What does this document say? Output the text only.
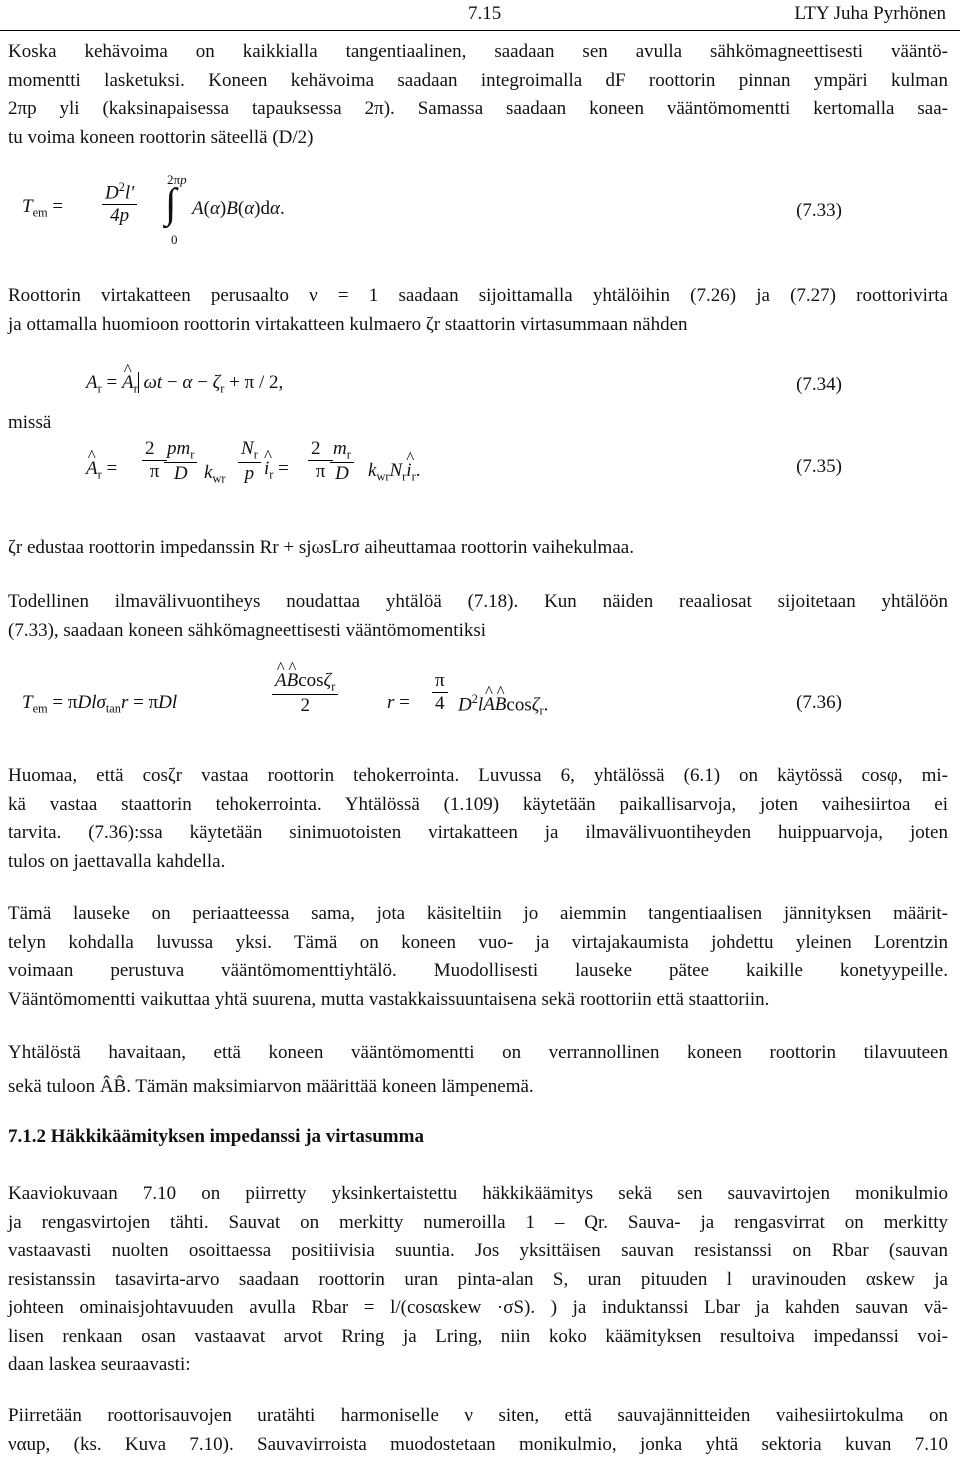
7.15	LTY Juha Pyrhönen
Koska kehävoima on kaikkialla tangentiaalinen, saadaan sen avulla sähkömagneettisesti vääntö-
momentti lasketuksi. Koneen kehävoima saadaan integroimalla dF roottorin pinnan ympäri kulman
2πp yli (kaksinapaisessa tapauksessa 2π). Samassa saadaan koneen vääntömomentti kertomalla saa-
tu voima koneen roottorin säteellä (D/2)
$T_{em} = \frac{D^2l'}{4p} 2\pi p$
∫
0
A(α)B(α)dα.	(7.33)
Roottorin virtakatteen perusaalto ν = 1 saadaan sijoittamalla yhtälöihin (7.26) ja (7.27) roottorivirta
ja ottamalla huomioon roottorin virtakatteen kulmaero ζr staattorin virtasummaan nähden
$A_r$ = ^ $A_r$ $\omega t - \alpha - \zeta_r + \pi / 2$,	(7.34)
missä
^ $A_r = \frac{2}{\pi} pm_r$
D $k_{wr} \frac{N_r}{p}$ ^ $i_r = \frac{2}{\pi}$
$\frac{m_r}{D}$ $k_{wr}N_r\^{}$ $i_r$.	(7.35)
ζr edustaa roottorin impedanssin Rr + sjωsLrσ aiheuttamaa roottorin vaihekulmaa.
Todellinen ilmavälivuontiheys noudattaa yhtälöä (7.18). Kun näiden reaaliosat sijoitetaan yhtälöön
(7.33), saadaan koneen sähkömagneettisesti vääntömomentiksi
$T_{em} = \pi Dl\sigma_{tan}r = \pi Dl$	^ $\frac{A\^{} Bcos\zeta_r}{2}$	$r = \frac{\pi}{4}$ $D^2l\^{}$ A^ Bcosζ$_r$.	(7.36)
Huomaa, että cosζr vastaa roottorin tehokerrointa. Luvussa 6, yhtälössä (6.1) on käytössä cosφ, mi-
kä vastaa staattorin tehokerrointa. Yhtälössä (1.109) käytetään paikallisarvoja, joten vaihesiirtoa ei
tarvita. (7.36):ssa käytetään sinimuotoisten virtakatteen ja ilmavälivuontiheyden huippuarvoja, joten
tulos on jaettavalla kahdella.
Tämä lauseke on periaatteessa sama, jota käsiteltiin jo aiemmin tangentiaalisen jännityksen määrit-
telyn kohdalla luvussa yksi. Tämä on koneen vuo- ja virtajakaumista johdettu yleinen Lorentzin
voimaan perustuva vääntömomenttiyhtälö. Muodollisesti lauseke pätee kaikille konetyypeille.
Vääntömomentti vaikuttaa yhtä suurena, mutta vastakkaissuuntaisena sekä roottoriin että staattoriin.
Yhtälöstä havaitaan, että koneen vääntömomentti on verrannollinen koneen roottorin tilavuuteen
sekä tuloon ÂB̂. Tämän maksimiarvon määrittää koneen lämpenemä.
7.1.2 Häkkikäämityksen impedanssi ja virtasumma
Kaaviokuvaan 7.10 on piirretty yksinkertaistettu häkkikäämitys sekä sen sauvavirtojen monikulmio
ja rengasvirtojen tähti. Sauvat on merkitty numeroilla 1 – Qr. Sauva- ja rengasvirrat on merkitty
vastaavasti nuolten osoittaessa positiivisia suuntia. Jos yksittäisen sauvan resistanssi on Rbar (sauvan
resistanssin tasavirta-arvo saadaan roottorin uran pinta-alan S, uran pituuden l uravinouden αskew ja
johteen ominaisjohtavuuden avulla Rbar = l/(cosαskew ·σS). ) ja induktanssi Lbar ja kahden sauvan vä-
lisen renkaan osan vastaavat arvot Rring ja Lring, niin koko käämityksen resultoiva impedanssi voi-
daan laskea seuraavasti:
Piirretään roottorisauvojen uratähti harmoniselle ν siten, että sauvajännitteiden vaihesiirtokulma on
ναup, (ks. Kuva 7.10). Sauvavirroista muodostetaan monikulmio, jonka yhtä sektoria kuvan 7.10
